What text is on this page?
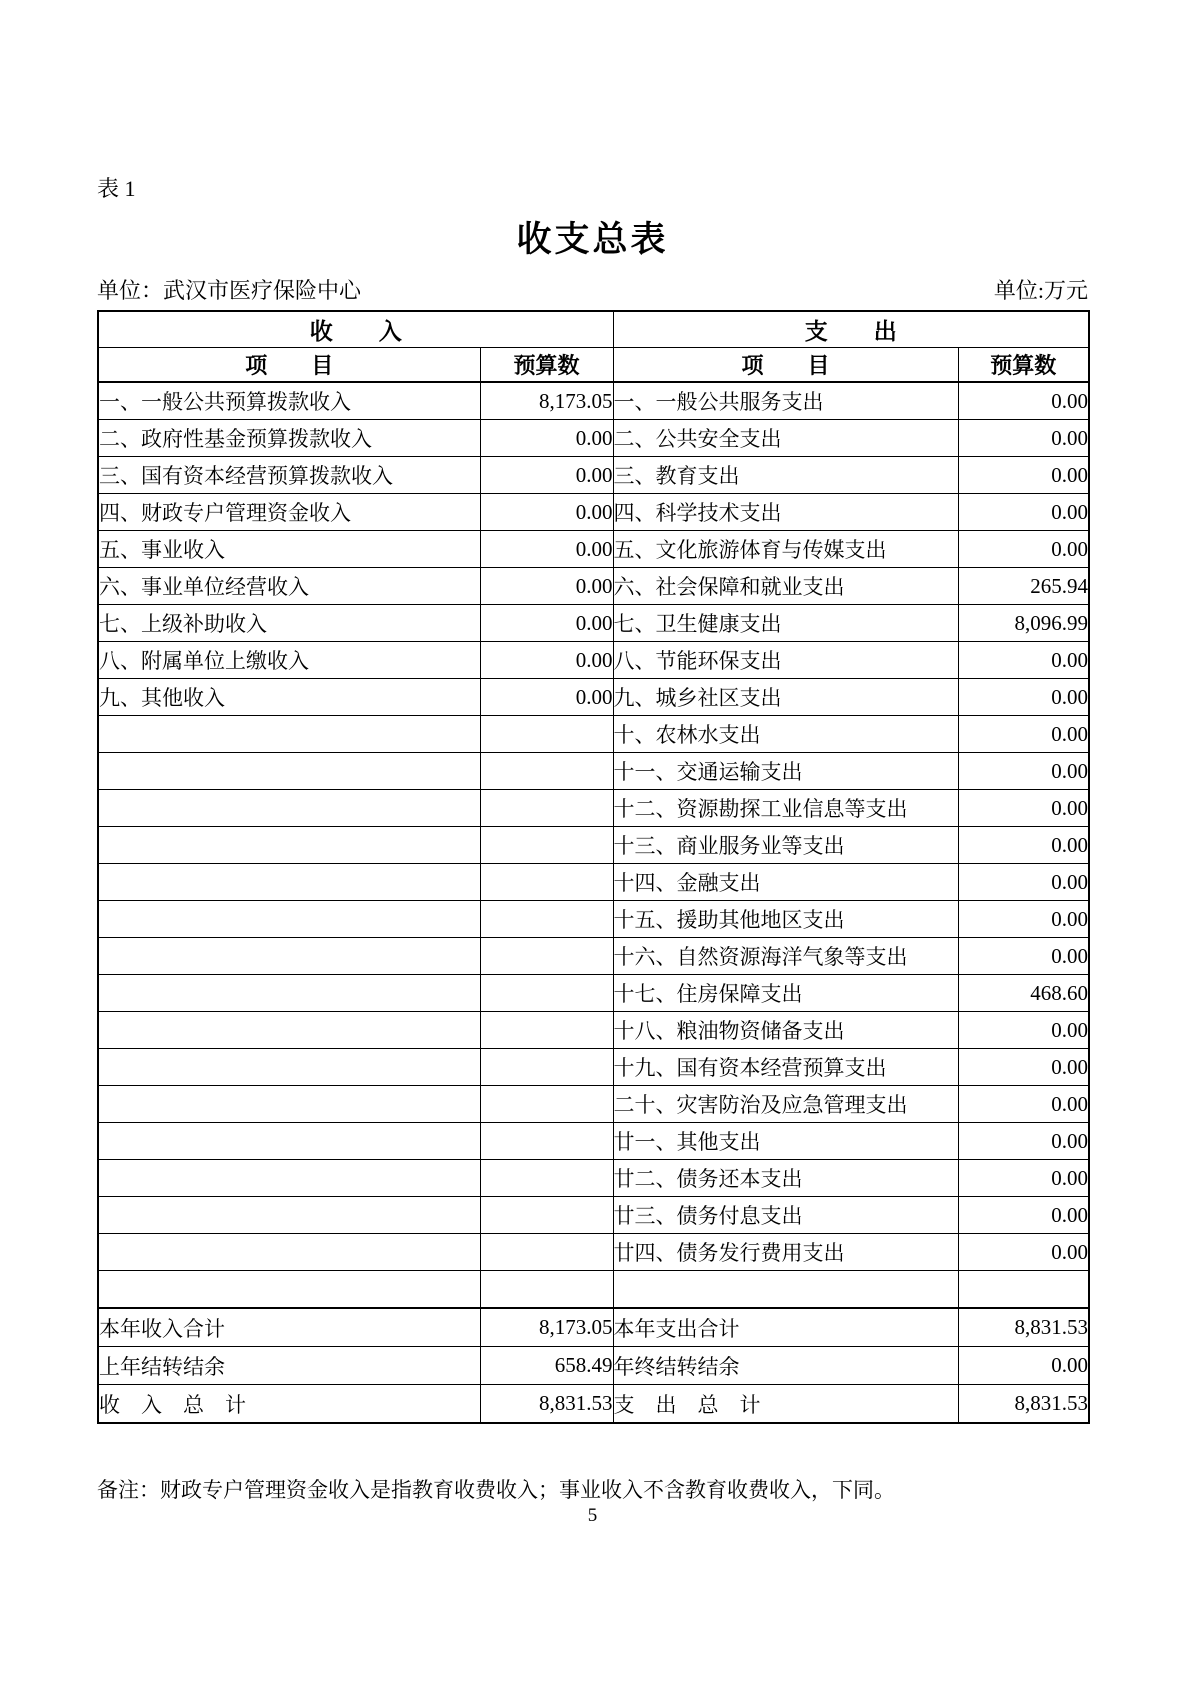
表 1
收支总表
单位：武汉市医疗保险中心	单位:万元
收　　入		支　　出	
项　　目	预算数	项　　目	预算数
一、一般公共预算拨款收入	8,173.05	一、一般公共服务支出	0.00
二、政府性基金预算拨款收入	0.00	二、公共安全支出	0.00
三、国有资本经营预算拨款收入	0.00	三、教育支出	0.00
四、财政专户管理资金收入	0.00	四、科学技术支出	0.00
五、事业收入	0.00	五、文化旅游体育与传媒支出	0.00
六、事业单位经营收入	0.00	六、社会保障和就业支出	265.94
七、上级补助收入	0.00	七、卫生健康支出	8,096.99
八、附属单位上缴收入	0.00	八、节能环保支出	0.00
九、其他收入	0.00	九、城乡社区支出	0.00
		十、农林水支出	0.00
		十一、交通运输支出	0.00
		十二、资源勘探工业信息等支出	0.00
		十三、商业服务业等支出	0.00
		十四、金融支出	0.00
		十五、援助其他地区支出	0.00
		十六、自然资源海洋气象等支出	0.00
		十七、住房保障支出	468.60
		十八、粮油物资储备支出	0.00
		十九、国有资本经营预算支出	0.00
		二十、灾害防治及应急管理支出	0.00
		廿一、其他支出	0.00
		廿二、债务还本支出	0.00
		廿三、债务付息支出	0.00
		廿四、债务发行费用支出	0.00

本年收入合计	8,173.05	本年支出合计	8,831.53
上年结转结余	658.49	年终结转结余	0.00
收　入　总　计	8,831.53	支　出　总　计	8,831.53
备注：财政专户管理资金收入是指教育收费收入；事业收入不含教育收费收入，下同。
5
